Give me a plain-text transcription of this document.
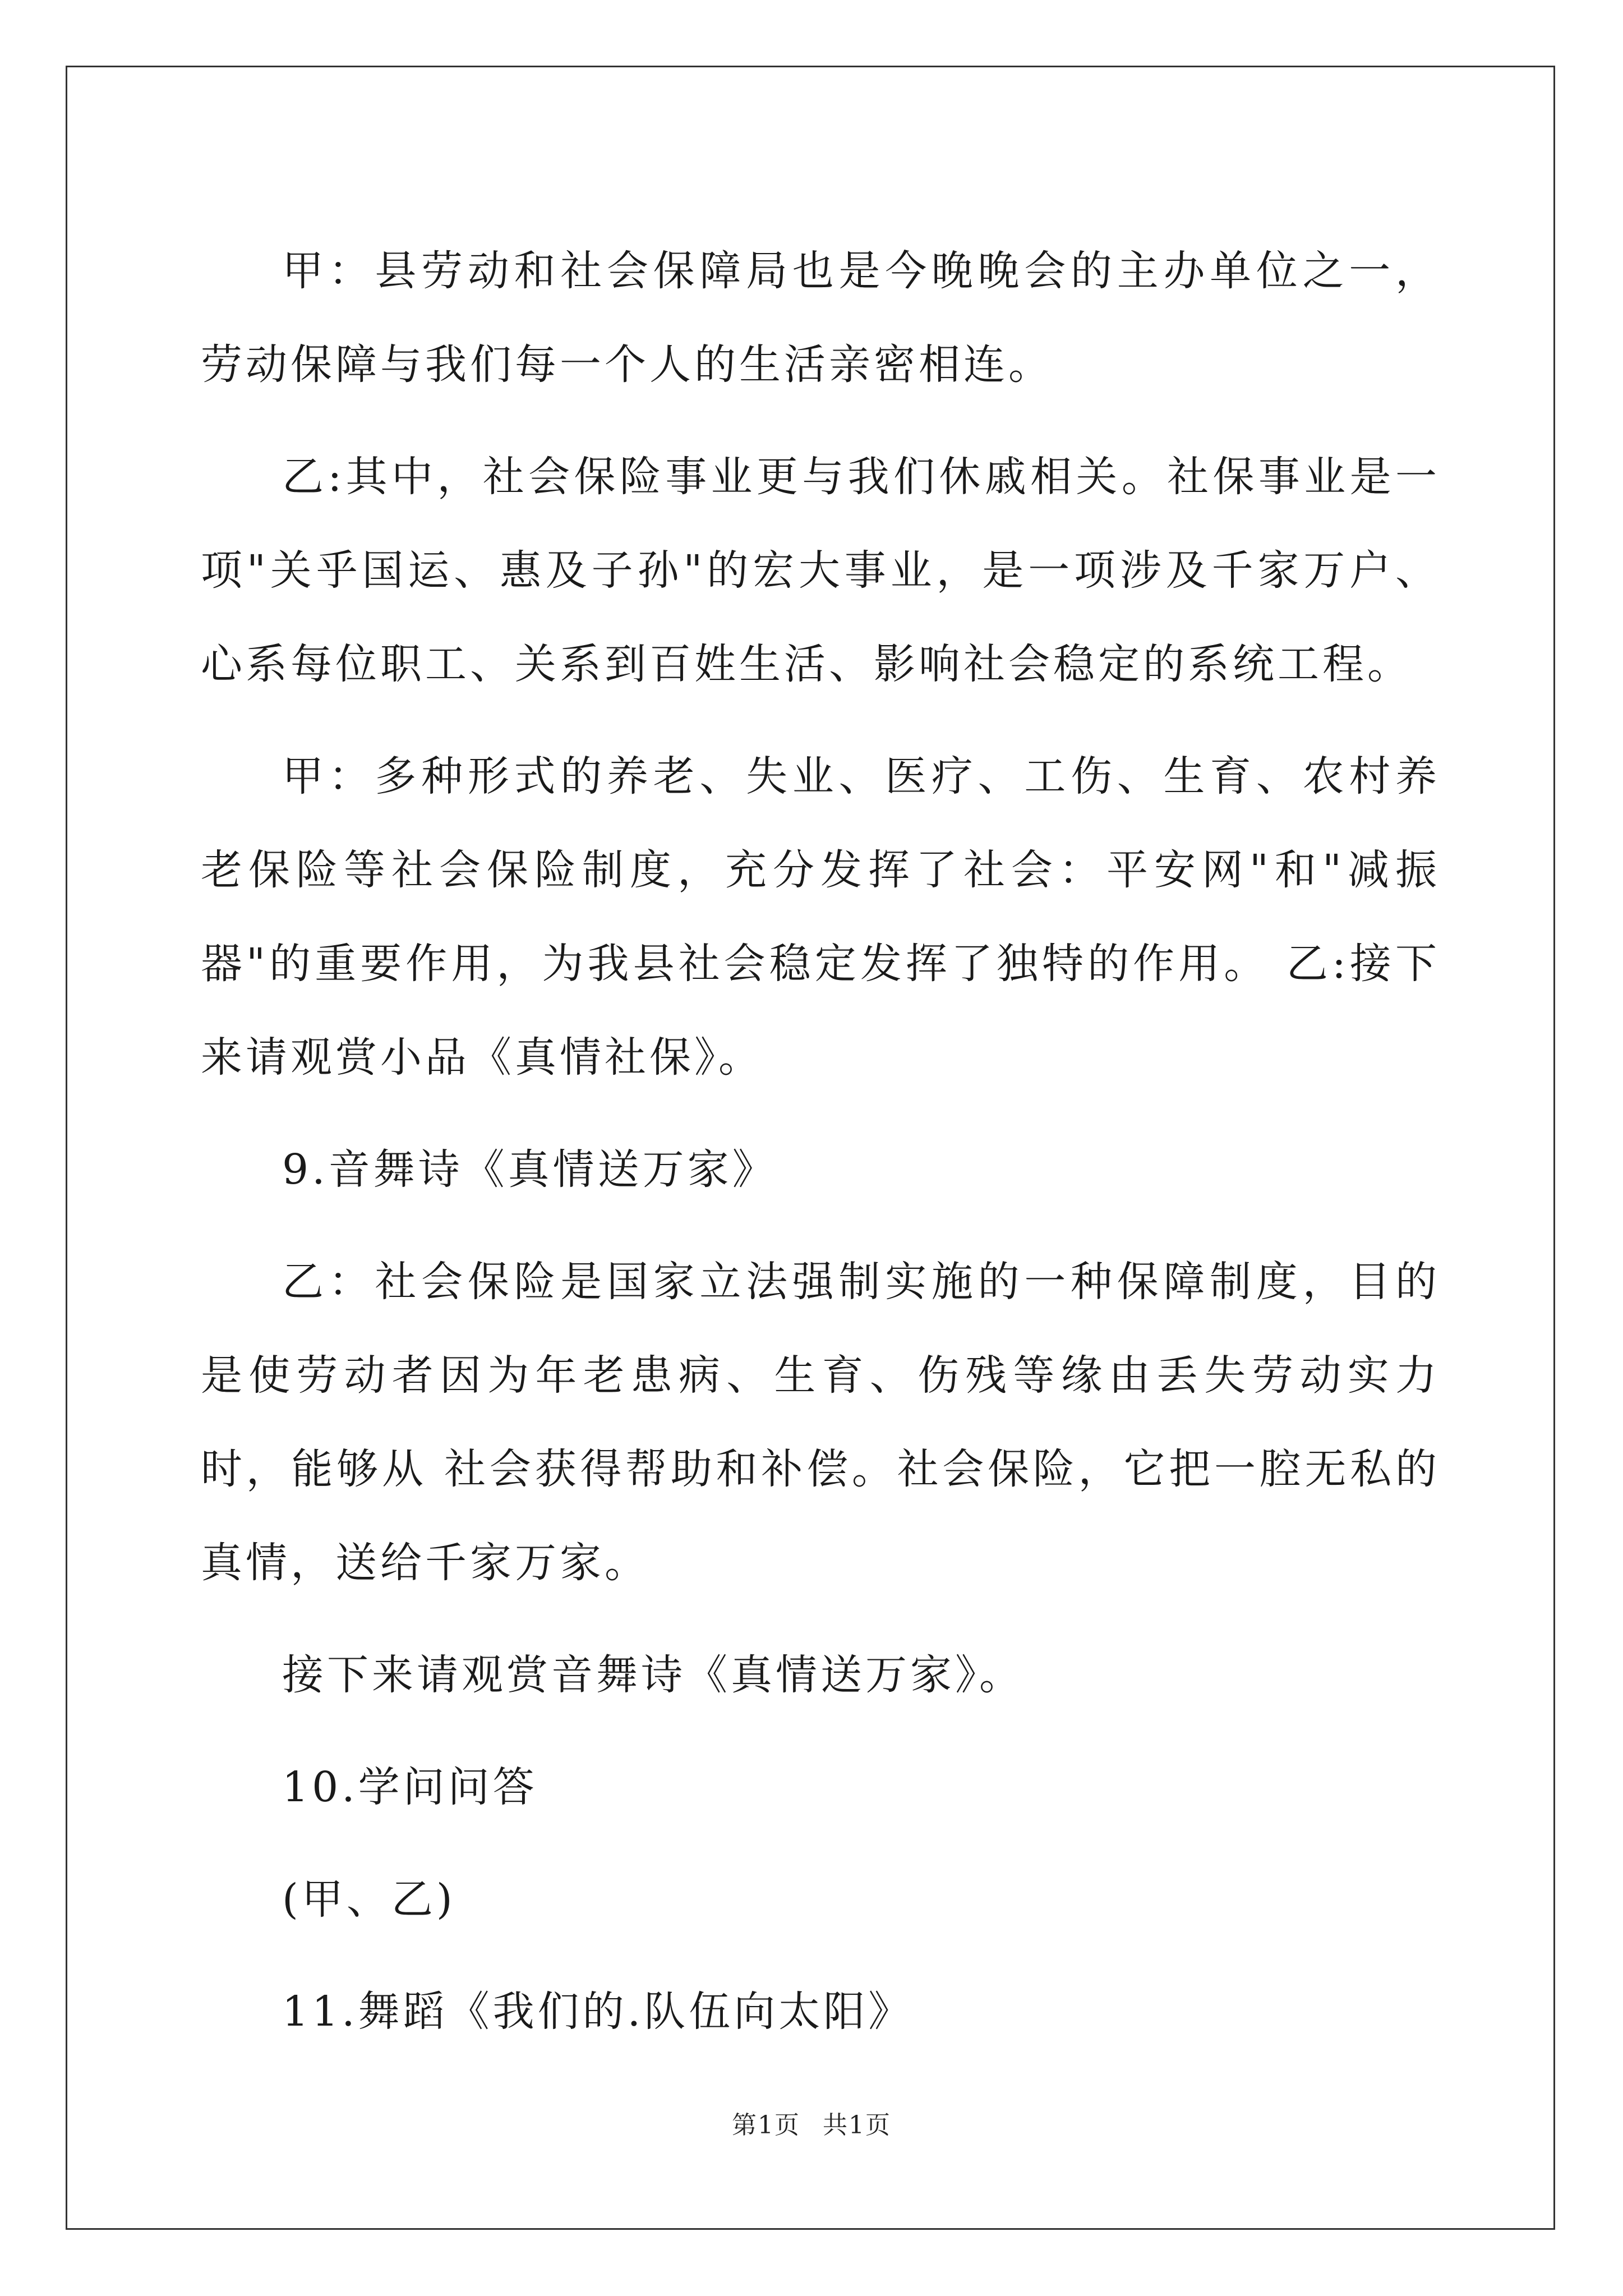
甲：县劳动和社会保障局也是今晚晚会的主办单位之一，劳动保障与我们每一个人的生活亲密相连。

乙:其中，社会保险事业更与我们休戚相关。社保事业是一项"关乎国运、惠及子孙"的宏大事业，是一项涉及千家万户、心系每位职工、关系到百姓生活、影响社会稳定的系统工程。

甲：多种形式的养老、失业、医疗、工伤、生育、农村养老保险等社会保险制度，充分发挥了社会：平安网"和"减振器"的重要作用，为我县社会稳定发挥了独特的作用。 乙:接下来请观赏小品《真情社保》。

9.音舞诗《真情送万家》

乙：社会保险是国家立法强制实施的一种保障制度，目的是使劳动者因为年老患病、生育、伤残等缘由丢失劳动实力时，能够从 社会获得帮助和补偿。社会保险，它把一腔无私的 真情，送给千家万家。

接下来请观赏音舞诗《真情送万家》。

10.学问问答

(甲、乙)

11.舞蹈《我们的.队伍向太阳》

第1页 共1页
